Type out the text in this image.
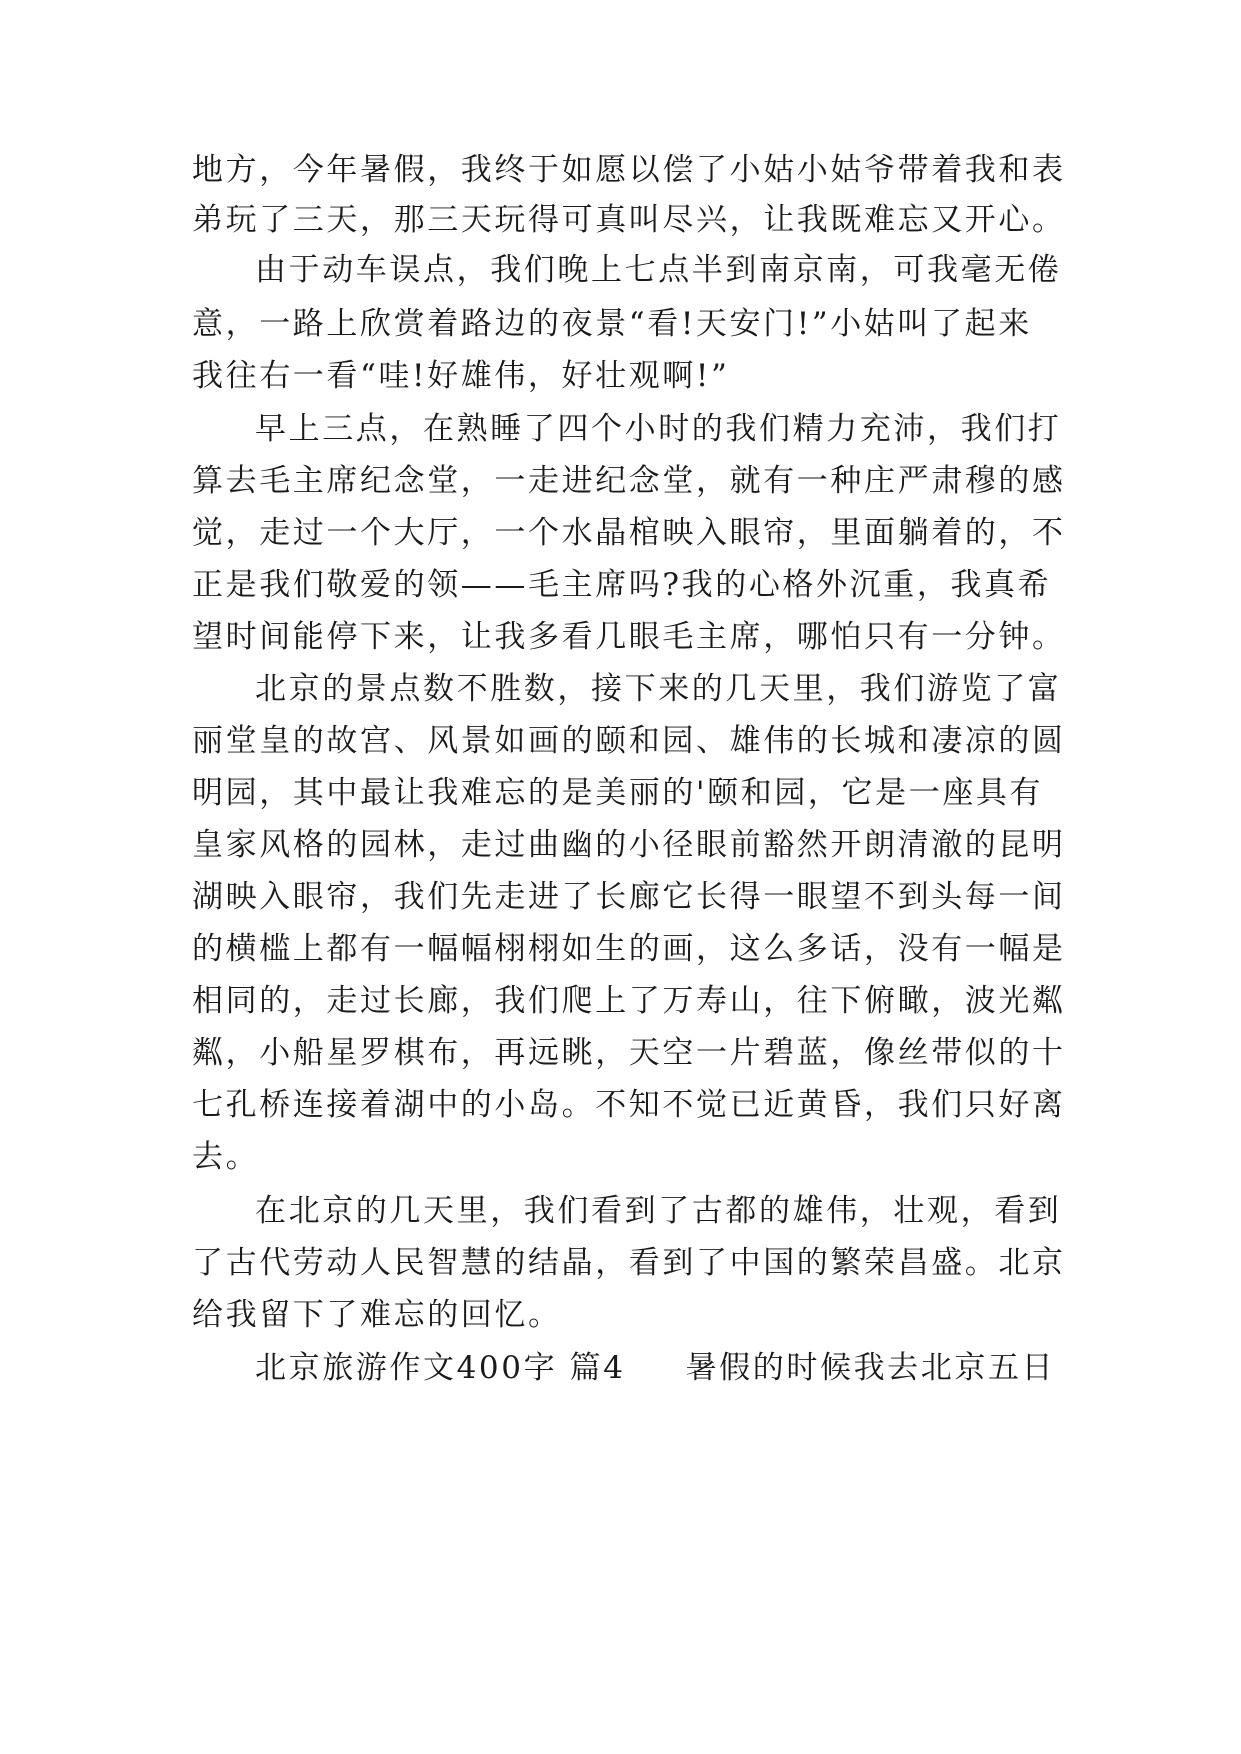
地方，今年暑假，我终于如愿以偿了小姑小姑爷带着我和表
弟玩了三天，那三天玩得可真叫尽兴，让我既难忘又开心。
由于动车误点，我们晚上七点半到南京南，可我毫无倦
意，一路上欣赏着路边的夜景“看!天安门!”小姑叫了起来
我往右一看“哇!好雄伟，好壮观啊!”
早上三点，在熟睡了四个小时的我们精力充沛，我们打
算去毛主席纪念堂，一走进纪念堂，就有一种庄严肃穆的感
觉，走过一个大厅，一个水晶棺映入眼帘，里面躺着的，不
正是我们敬爱的领——毛主席吗?我的心格外沉重，我真希
望时间能停下来，让我多看几眼毛主席，哪怕只有一分钟。
北京的景点数不胜数，接下来的几天里，我们游览了富
丽堂皇的故宫、风景如画的颐和园、雄伟的长城和凄凉的圆
明园，其中最让我难忘的是美丽的'颐和园，它是一座具有
皇家风格的园林，走过曲幽的小径眼前豁然开朗清澈的昆明
湖映入眼帘，我们先走进了长廊它长得一眼望不到头每一间
的横槛上都有一幅幅栩栩如生的画，这么多话，没有一幅是
相同的，走过长廊，我们爬上了万寿山，往下俯瞰，波光粼
粼，小船星罗棋布，再远眺，天空一片碧蓝，像丝带似的十
七孔桥连接着湖中的小岛。不知不觉已近黄昏，我们只好离
去。
在北京的几天里，我们看到了古都的雄伟，壮观，看到
了古代劳动人民智慧的结晶，看到了中国的繁荣昌盛。北京
给我留下了难忘的回忆。
北京旅游作文400字 篇4 暑假的时候我去北京五日
